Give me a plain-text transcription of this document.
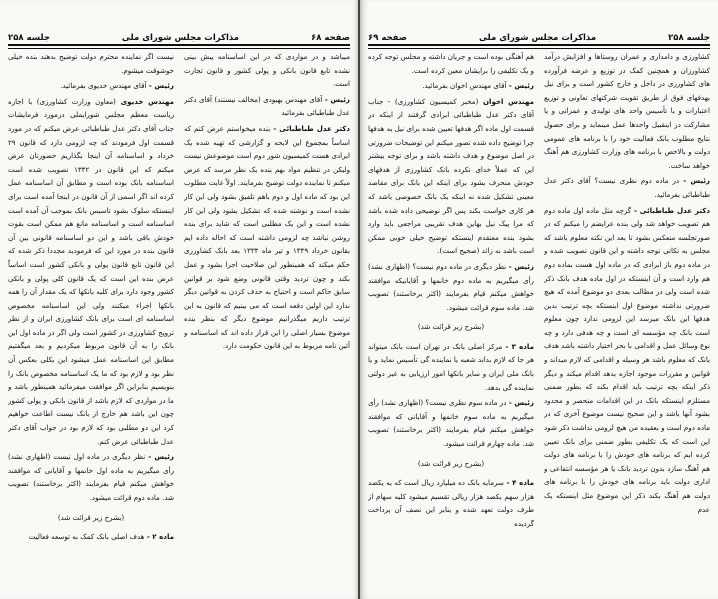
صفحه ۶۸
مذاکرات مجلس شورای ملی
جلسه ۲۵۸

میباشد و در مواردی که در این اساسنامه پیش بینی نشده تابع قانون بانکی و پولی کشور و قانون تجارت است.

رئیس - آقای مهندس بهبودی (مخالف نیستند) آقای دکتر عدل طباطبائی بفرمائید

دکتر عدل طباطبائی - بنده میخواستم عرض کنم که اساساً بمجموع این لایحه و گزارشی که تهیه شده یک ایرادی هست کمیسیون شور دوم است موضوعش نیست ولیکن در تنظیم مواد بهم بنده یک نظر مرسد که عرض میکنم تا نماینده دولت توضیح بفرمایند. اولاً غایت مطلوب این بود که ماده اول و دوم باهم تلفیق بشود ولی این کار نشده است و نوشته شده که تشکیل بشود ولی این کار نشده است و این یک مطلبی است که شاید برای بنده روشن نباشد چه لزومی داشته است که احاله داده ایم بقانون خرداد ۱۳۴۹ و تیر ماه ۱۳۳۴ بعد بانک کشاورزی حکم میکند که همینطور این صلاحیت اجرا بشود و عمل بکند و چون تردید وقتی قانونی وضع شود بر قوانین سابق حاکم است و احتیاج به حذف کردن به قوانین دیگر ندارد این اولین دفعه است که می بینیم که قانون به این ترتیب داریم میگذرانیم موضوع دیگر که بنظر بنده موضوع بسیار اصلی را این قرار داده اند که اساسنامه و آئین نامه مربوط به این قانون حکومت دارد.

نیست اگر نماینده محترم دولت توضیح بدهند بنده خیلی خوشوقت میشوم.

رئیس - آقای مهندس خدیوی بفرمائید.

مهندس خدیوی (معاون وزارت کشاورزی) با اجازه ریاست معظم مجلس شورایملی درمورد فرمایشات جناب آقای دکتر عدل طباطبائی عرض میکنم که در مورد قسمت اول فرمودند که چه لزومی دارد که قانون ۲۹ خرداد و اساسنامه آن اینجا بگذاریم حضورتان عرض میکنم که این قانون در ۱۳۴۲ تصویب شده است اساسنامه بانک بوده است و مطابق آن اساسنامه عمل کرده اند اگر اسمی از آن قانون در اینجا آمده است برای اینستکه سلوک بشود تاسیس بانک بموجب آن آمده است اساسنامه است و اساسنامه مانع هم ممکن است بقوت خودش باقی باشد و این دو اساسنامه قانونی بین آن قانون بنده در مورد این که فرمودید مجددا ذکر شده که این قانون تابع قانون پولی و بانکی کشور است اساساً عرض بنده این است که یک قانون کلی پولی و بانکی کشور وجود دارد برای کلیه بانکها که یک مقدار آن را همه بانکها اجراء میکنند ولی این اساسنامه مخصوص اساسنامه ای است برای بانک کشاورزی ایران و از نظر ترویج کشاورزی در کشور است ولی اگر در ماده اول این بانک را به آن قانون مربوط میکردیم و بعد میگفتیم مطابق این اساسنامه عمل میشود این بکلی بعکس آن نظر بود و لازم بود که ما یک اساسنامه مخصوص بانک را بنویسیم بنابراین اگر موافقت میفرمائید همینطور باشد و ما در مواردی که لازم باشد از قانون بانکی و پولی کشور چون این باشد هم خارج از بانک نیست اطاعت خواهیم کرد این دو مطلبی بود که لازم بود در جواب آقای دکتر عدل طباطبائی عرض کنم.

رئیس - نظر دیگری در ماده اول نیست (اظهاری نشد) رأی میگیریم به ماده اول خانمها و آقایانی که موافقند خواهش میکنم قیام بفرمایند (اکثر برخاستند) تصویب شد. ماده دوم قرائت میشود.

(بشرح زیر قرائت شد)

ماده ۲ - هدف اصلی بانک کمک به توسعه فعالیت

جلسه ۲۵۸
مذاکرات مجلس شورای ملی
صفحه ۶۹

کشاورزی و دامداری و عمران روستاها و افزایش درآمد کشاورزان و همچنین کمک در توزیع و عرضه فرآورده های کشاورزی در داخل و خارج کشور است و برای نیل بهدفهای فوق از طریق تقویت شرکتهای تعاونی و توزیع اعتبارات و یا تأسیس واحد های تولیدی و عمرانی و یا مشارکت در اینقبیل واحدها عمل مینماید و برای حصول نتایج مطلوب بانک فعالیت خود را با برنامه های عمومی دولت و بالاخص با برنامه های وزارت کشاورزی هم آهنگ خواهد ساخت.

رئیس - در ماده دوم نظری نیست؟ آقای دکتر عدل طباطبائی بفرمائید.

دکتر عدل طباطبائی - گرچه مثل ماده اول ماده دوم هم تصویب خواهد شد ولی بنده عرایضم را میکنم که در صورتجلسه منعکس بشود تا بعد این نکته معلوم باشد که مجلس به نکاتی توجه داشته و این قانون تصویب شده و در ماده دوم باز ایرادی که در ماده اول هست بماده دوم هم وارد است و آن اینستکه در اول ماده هدف بانک ذکر شده است ولی در مطالب بعدی دو موضوع آمده که هیچ ضرورتی نداشته موضوع اول اینستکه بچه ترتیب بدین هدفها این بانک میرسد این لزومی ندارد چون معلوم است بانک چه مؤسسه ای است و چه هدفی دارد و چه نوع وسائل عمل و اقدامی با بحر اختیار داشته باشد هدف بانک که معلوم باشد هر وسیله و اقدامی که لازم میداند و قوانین و مقررات موجود اجازه بدهد اقدام میکند و دیگر ذکر اینکه بچه ترتیب باید اقدام بکند که بطور ضمنی مستلزم اینستکه بانک در این اقدامات منحصر و محدود بشود آنها باشد و این صحیح نیست موضوع آخری که در ماده دوم است و بعقیده من هیچ لزومی نداشت ذکر شود این است که یک تکلیفی بطور ضمنی برای بانک تعیین کرده ایم که برنامه های خودش را با برنامه های دولت هم آهنگ سازد بدون تردید بانک یا هر مؤسسه انتفاعی و اداری دولت باید برنامه های خودش را با برنامه های دولت هم آهنگ بکند ذکر این موضوع مثل اینستکه یک عدم

هم آهنگی بوده است و جریان داشته و مجلس توجه کرده و یک تکلیفی را برایشان معین کرده است.

رئیس - آقای مهندس اخوان بفرمائید.

مهندس اخوان (مخبر کمیسیون کشاورزی) - جناب آقای دکتر عدل طباطبائی ایرادی گرفتند از اینکه در قسمت اول ماده اگر هدفها تعیین شده برای نیل به هدفها چرا توضیح داده شده تصور میکنم این توضیحات ضرورتی در اصل موضوع و هدف داشته باشد و برای توجه بیشتر این که عملاً خدای نکرده بانک کشاورزی از هدفهای خودش منحرف بشود برای اینکه این بانک برای مقاصد معینی تشکیل شده نه اینکه یک بانک خصوصی باشد که هر کاری خواست بکند پس اگر توضیحی داده شده باشد که مرا پیک نیل بهاین هدف تقریبی مراجعی باید وارد بشود بنده معتقدم اینستکه توضیح خیلی خوبی ممکن است باشد نه زائد (صحیح است).

رئیس - نظر دیگری در ماده دوم نیست؟ (اظهاری نشد) رأی میگیریم به ماده دوم خانمها و آقایانیکه موافقند خواهش میکنم قیام بفرمایند (اکثر برخاستند) تصویب شد. ماده سوم قرائت میشود.

(بشرح زیر قرائت شد)

ماده ۳ - مرکز اصلی بانک در تهران است بانک میتواند هر جا که لازم بداند شعبه یا نماینده گی تأسیس نماید و یا بانک ملی ایران و سایر بانکها امور ارزیابی به غیر دولتی نماینده گی بدهد.

رئیس - در ماده سوم نظری نیست؟ (اظهاری نشد) رأی میگیریم به ماده سوم خانمها و آقایانی که موافقند خواهش میکنم قیام بفرمایند (اکثر برخاستند) تصویب شد. ماده چهارم قرائت میشود.

(بشرح زیر قرائت شد)

ماده ۴ - سرمایه بانک ده میلیارد ریال است که به یکصد هزار سهم یکصد هزار ریالی تقسیم میشود کلیه سهام از طرف دولت تعهد شده و بنابر این نصف آن پرداخت گردیده
